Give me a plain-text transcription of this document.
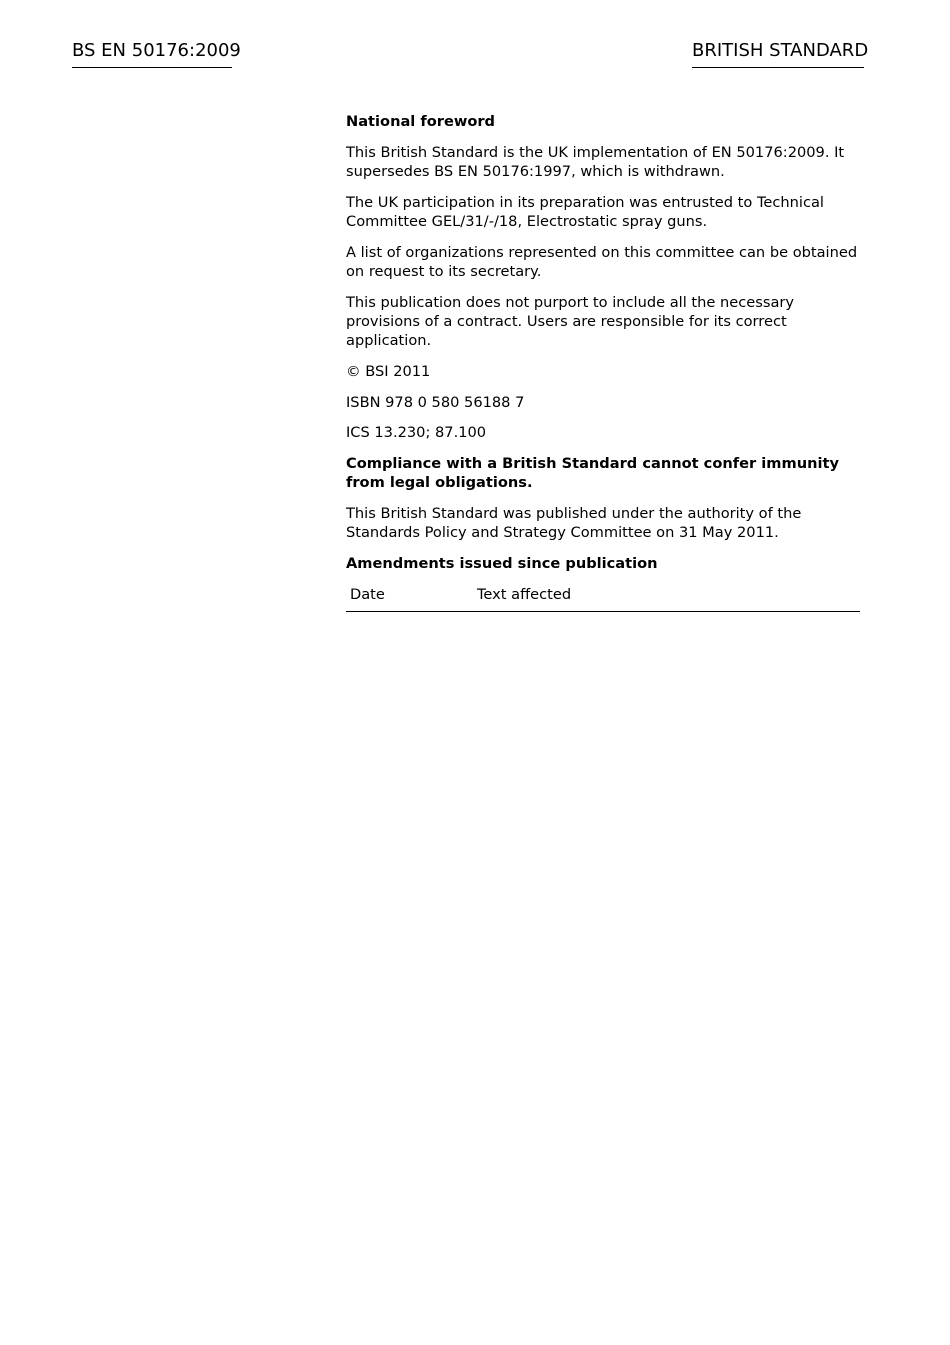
BS EN 50176:2009	BRITISH STANDARD

National foreword

This British Standard is the UK implementation of EN 50176:2009. It supersedes BS EN 50176:1997, which is withdrawn.

The UK participation in its preparation was entrusted to Technical Committee GEL/31/-/18, Electrostatic spray guns.

A list of organizations represented on this committee can be obtained on request to its secretary.

This publication does not purport to include all the necessary provisions of a contract. Users are responsible for its correct application.

© BSI 2011

ISBN 978 0 580 56188 7

ICS 13.230; 87.100

Compliance with a British Standard cannot confer immunity from legal obligations.

This British Standard was published under the authority of the Standards Policy and Strategy Committee on 31 May 2011.

Amendments issued since publication

Date	Text affected
